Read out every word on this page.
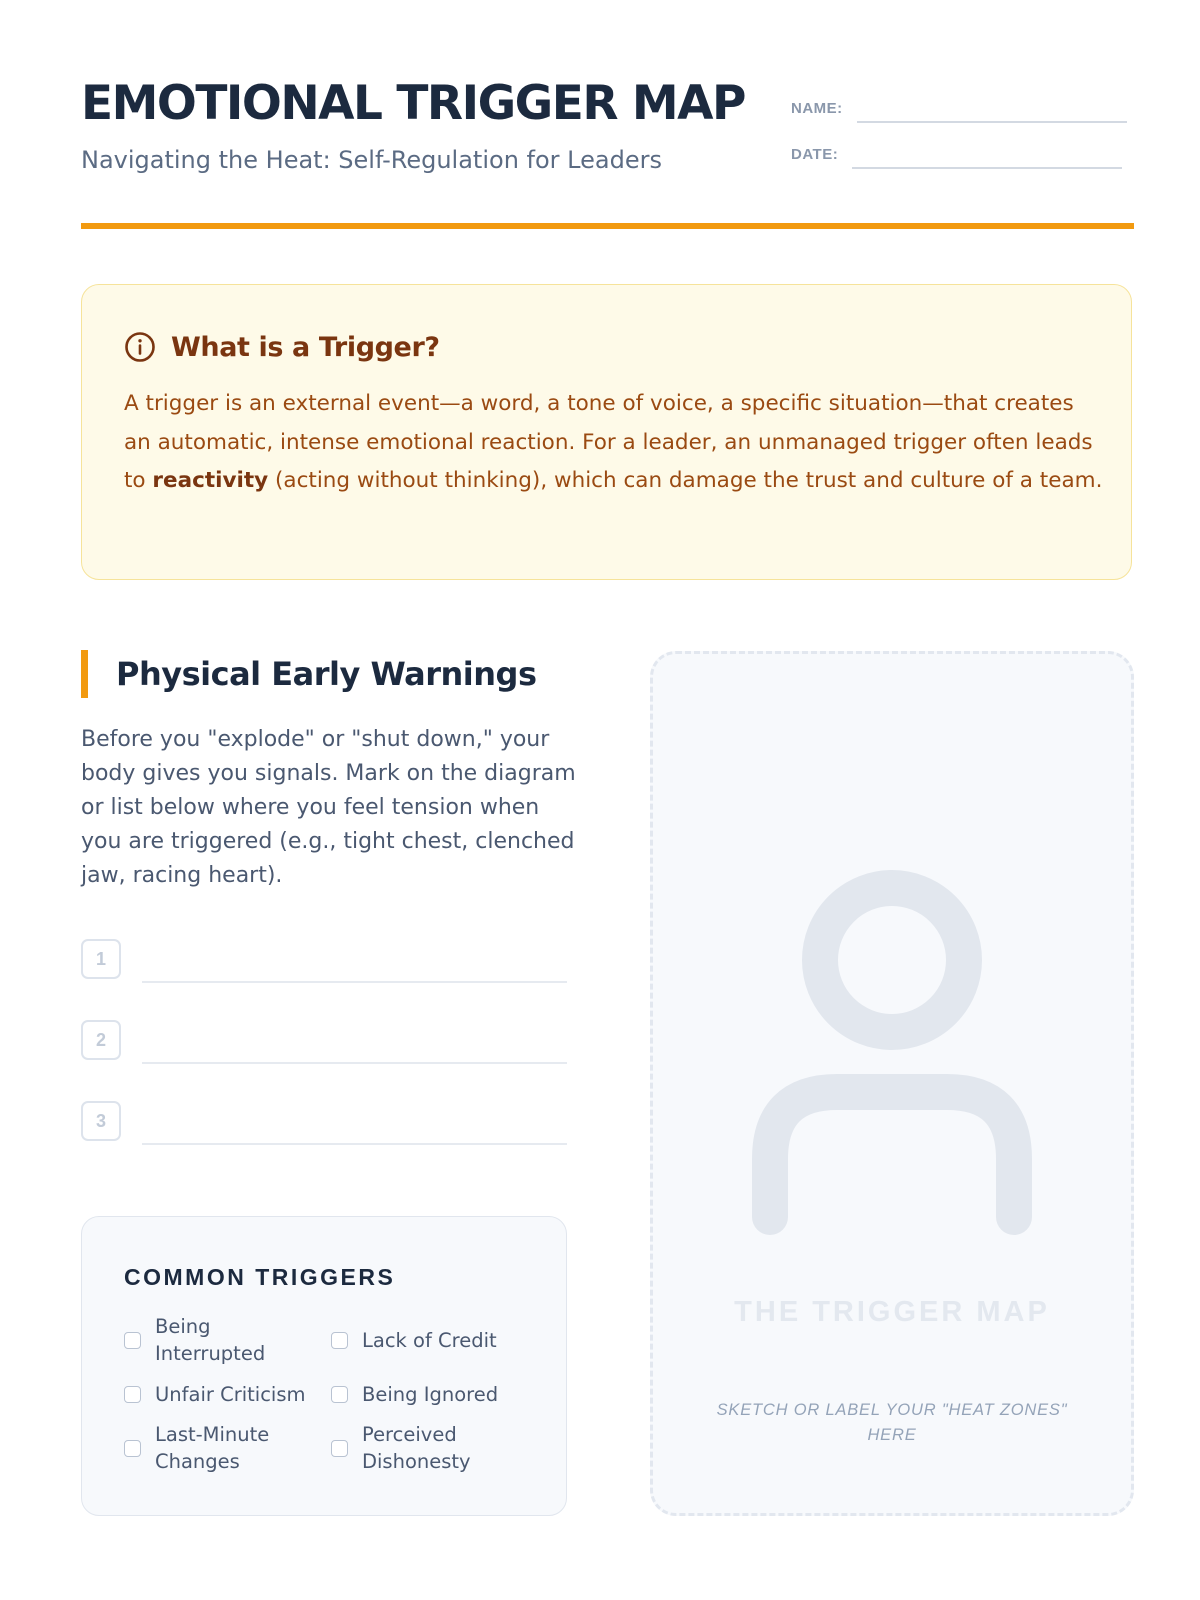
EMOTIONAL TRIGGER MAP
Navigating the Heat: Self-Regulation for Leaders
NAME:
DATE:
What is a Trigger?
A trigger is an external event—a word, a tone of voice, a specific situation—that creates an automatic, intense emotional reaction. For a leader, an unmanaged trigger often leads to reactivity (acting without thinking), which can damage the trust and culture of a team.
Physical Early Warnings
Before you "explode" or "shut down," your body gives you signals. Mark on the diagram or list below where you feel tension when you are triggered (e.g., tight chest, clenched jaw, racing heart).
1
2
3
COMMON TRIGGERS
Being Interrupted
Lack of Credit
Unfair Criticism	Being Ignored
Last-Minute Changes
Perceived Dishonesty
THE TRIGGER MAP
SKETCH OR LABEL YOUR "HEAT ZONES" HERE
